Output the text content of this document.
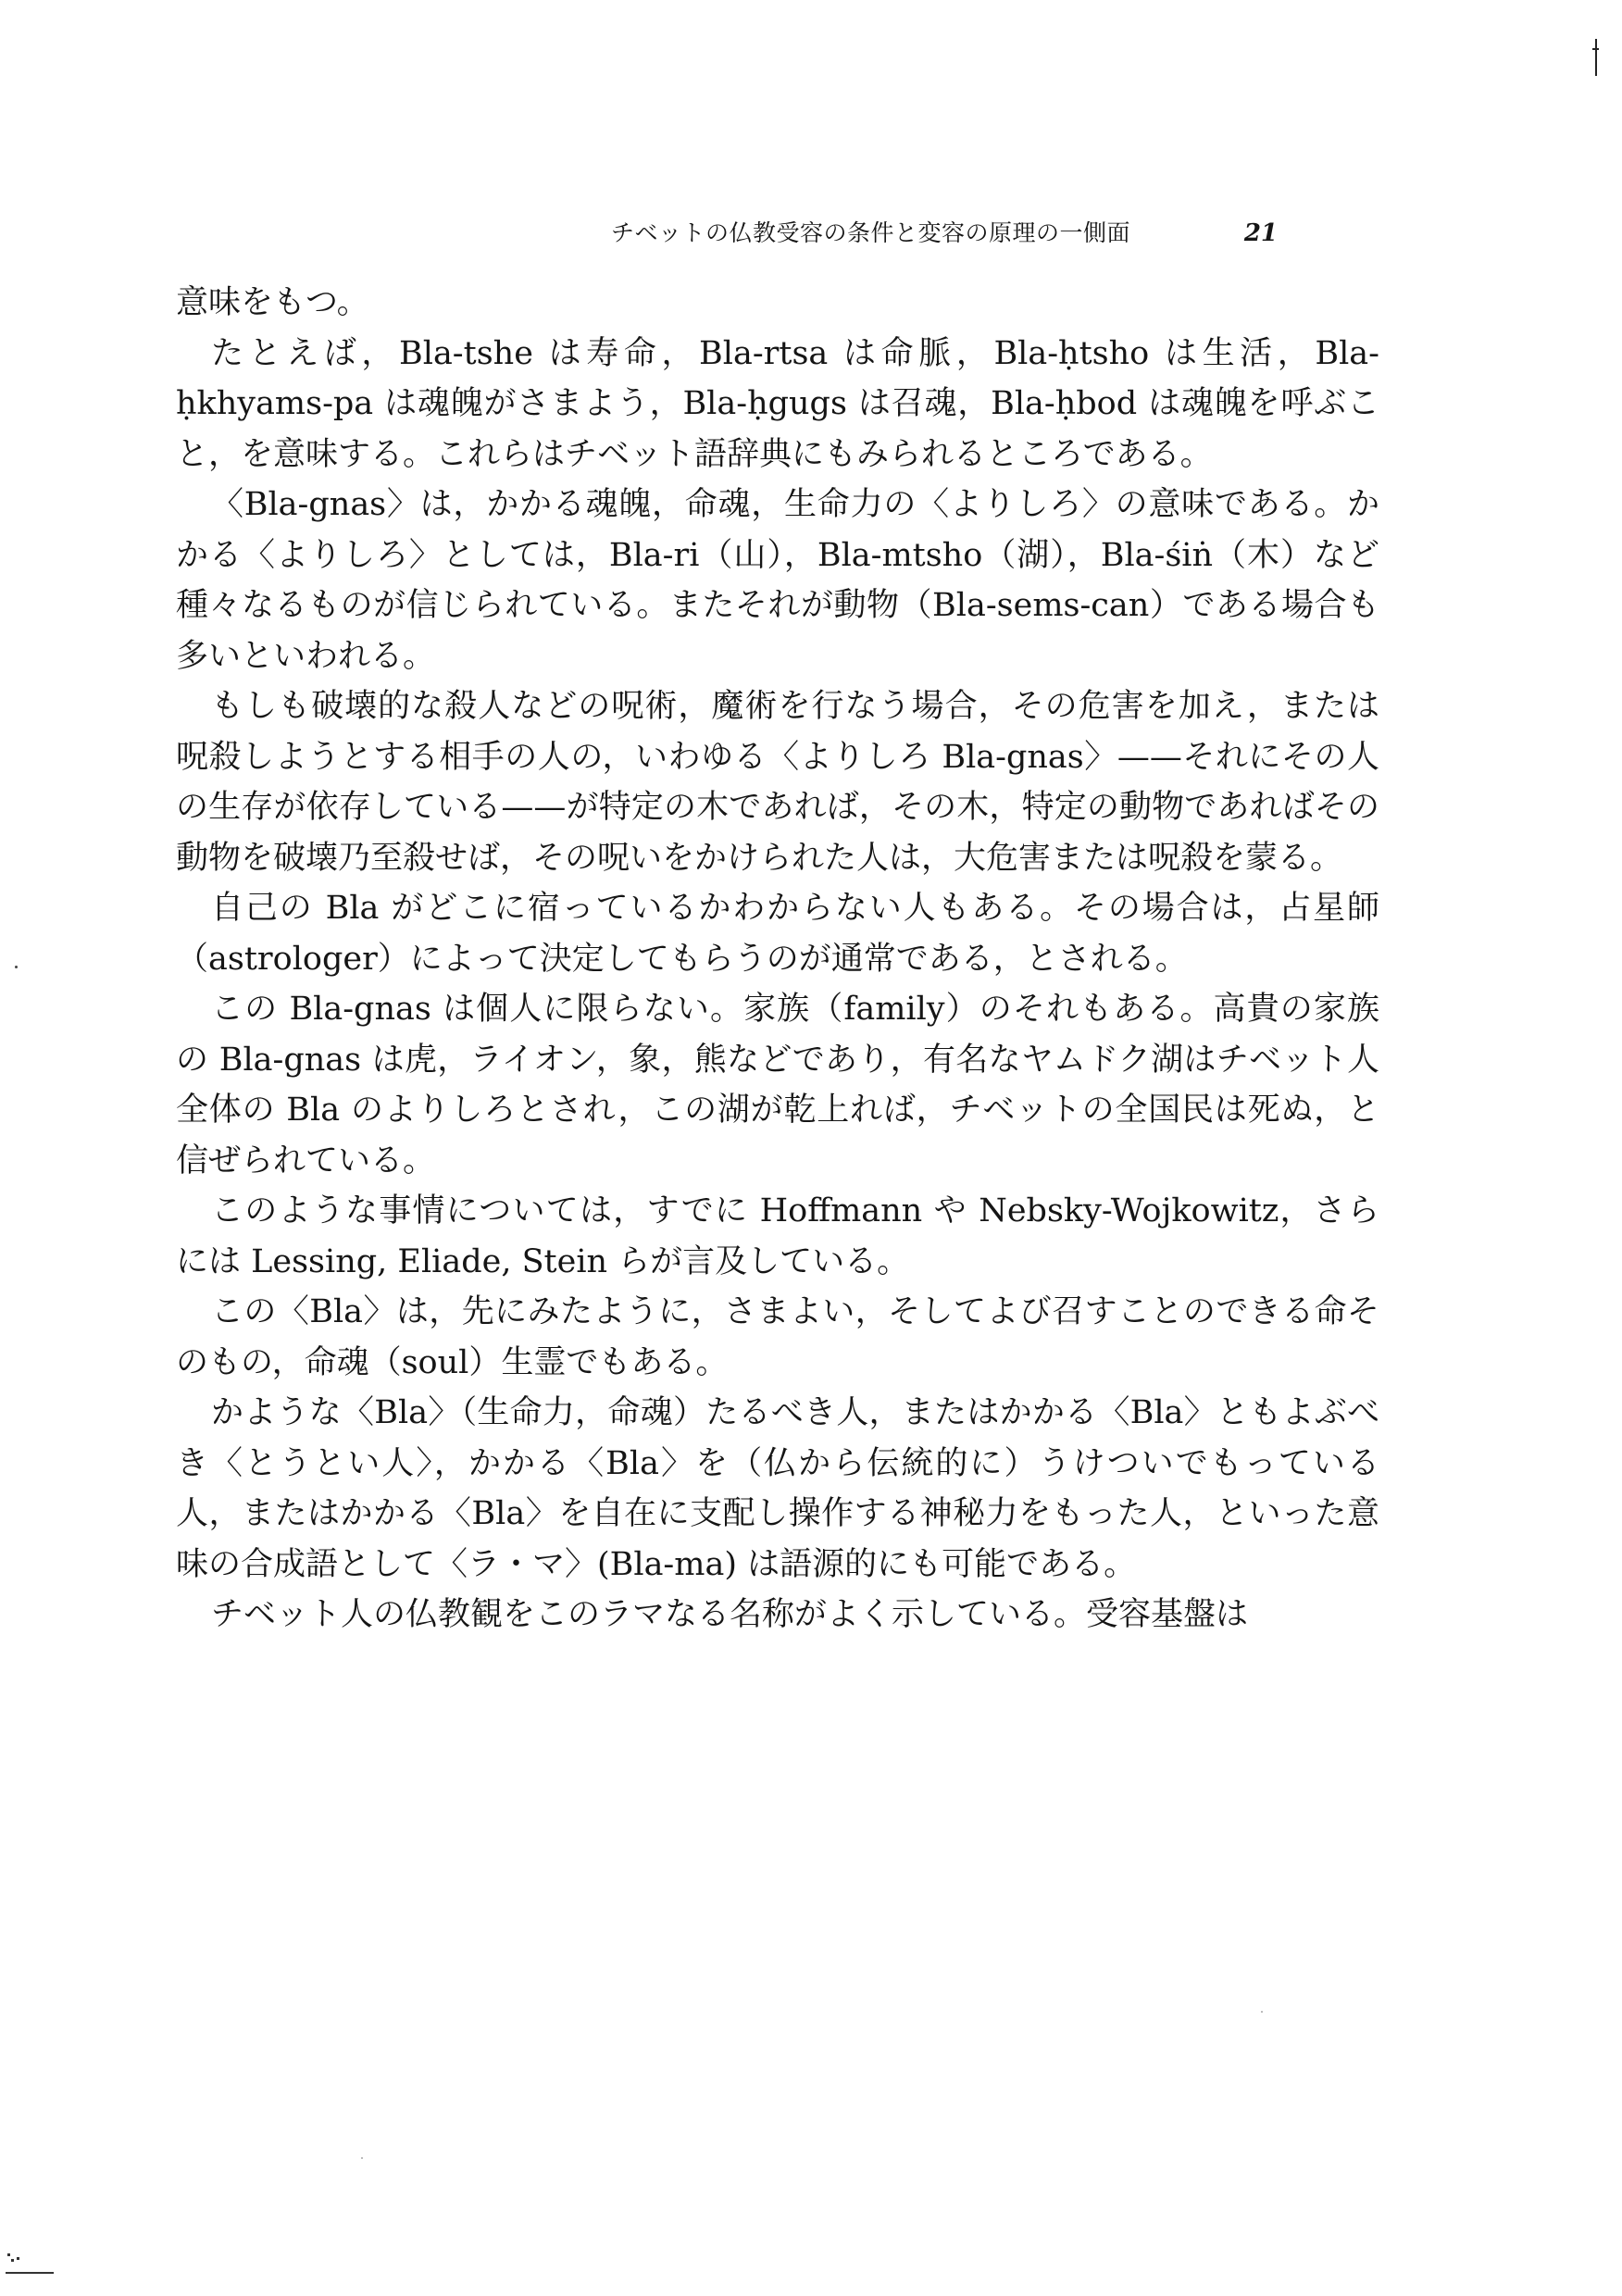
チベットの仏教受容の条件と変容の原理の一側面	21

意味をもつ。

たとえば，Bla-tshe は寿命，Bla-rtsa は命脈，Bla-ḥtsho は生活，Bla-ḥkhyams-pa は魂魄がさまよう，Bla-ḥgugs は召魂，Bla-ḥbod は魂魄を呼ぶこと，を意味する。これらはチベット語辞典にもみられるところである。

〈Bla-gnas〉は，かかる魂魄，命魂，生命力の〈よりしろ〉の意味である。かかる〈よりしろ〉としては，Bla-ri（山），Bla-mtsho（湖），Bla-śiṅ（木）など種々なるものが信じられている。またそれが動物（Bla-sems-can）である場合も多いといわれる。

もしも破壊的な殺人などの呪術，魔術を行なう場合，その危害を加え，または呪殺しようとする相手の人の，いわゆる〈よりしろ Bla-gnas〉——それにその人の生存が依存している——が特定の木であれば，その木，特定の動物であればその動物を破壊乃至殺せば，その呪いをかけられた人は，大危害または呪殺を蒙る。

自己の Bla がどこに宿っているかわからない人もある。その場合は，占星師（astrologer）によって決定してもらうのが通常である，とされる。

この Bla-gnas は個人に限らない。家族（family）のそれもある。高貴の家族の Bla-gnas は虎，ライオン，象，熊などであり，有名なヤムドク湖はチベット人全体の Bla のよりしろとされ，この湖が乾上れば，チベットの全国民は死ぬ，と信ぜられている。

このような事情については，すでに Hoffmann や Nebsky-Wojkowitz，さらには Lessing, Eliade, Stein らが言及している。

この〈Bla〉は，先にみたように，さまよい，そしてよび召すことのできる命そのもの，命魂（soul）生霊でもある。

かような〈Bla〉（生命力，命魂）たるべき人，またはかかる〈Bla〉ともよぶべき〈とうとい人〉，かかる〈Bla〉を（仏から伝統的に）うけついでもっている人，またはかかる〈Bla〉を自在に支配し操作する神秘力をもった人，といった意味の合成語として〈ラ・マ〉(Bla-ma) は語源的にも可能である。

チベット人の仏教観をこのラマなる名称がよく示している。受容基盤は
